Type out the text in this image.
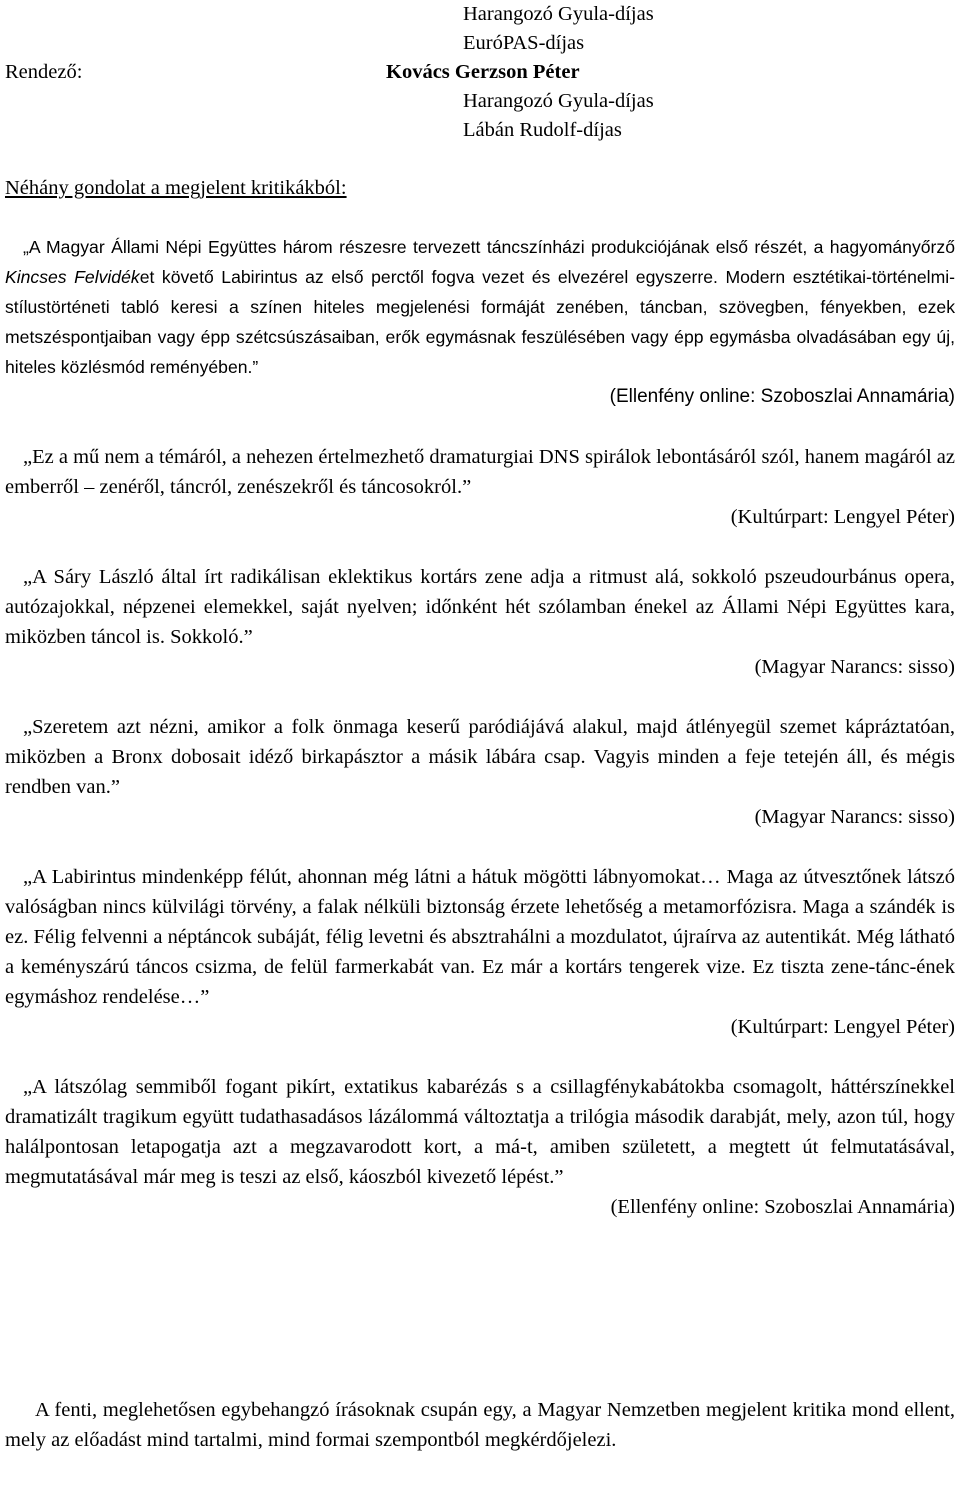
Rendező:
Harangozó Gyula-díjas
EuróPAS-díjas
Kovács Gerzson Péter
Harangozó Gyula-díjas
Lábán Rudolf-díjas
Néhány gondolat a megjelent kritikákból:

„A Magyar Állami Népi Együttes három részesre tervezett táncszínházi produkciójának első részét, a hagyományőrző Kincses Felvidéket követő Labirintus az első perctől fogva vezet és elvezérel egyszerre. Modern esztétikai-történelmi-stílustörténeti tabló keresi a színen hiteles megjelenési formáját zenében, táncban, szövegben, fényekben, ezek metszéspontjaiban vagy épp szétcsúszásaiban, erők egymásnak feszülésében vagy épp egymásba olvadásában egy új, hiteles közlésmód reményében.”

(Ellenfény online: Szoboszlai Annamária)

„Ez a mű nem a témáról, a nehezen értelmezhető dramaturgiai DNS spirálok lebontásáról szól, hanem magáról az emberről – zenéről, táncról, zenészekről és táncosokról.”

(Kultúrpart: Lengyel Péter)

„A Sáry László által írt radikálisan eklektikus kortárs zene adja a ritmust alá, sokkoló pszeudourbánus opera, autózajokkal, népzenei elemekkel, saját nyelven; időnként hét szólamban énekel az Állami Népi Együttes kara, miközben táncol is. Sokkoló.”

(Magyar Narancs: sisso)

„Szeretem azt nézni, amikor a folk önmaga keserű paródiájává alakul, majd átlényegül szemet kápráztatóan, miközben a Bronx dobosait idéző birkapásztor a másik lábára csap. Vagyis minden a feje tetején áll, és mégis rendben van.”

(Magyar Narancs: sisso)

„A Labirintus mindenképp félút, ahonnan még látni a hátuk mögötti lábnyomokat… Maga az útvesztőnek látszó valóságban nincs külvilági törvény, a falak nélküli biztonság érzete lehetőség a metamorfózisra. Maga a szándék is ez. Félig felvenni a néptáncok subáját, félig levetni és absztrahálni a mozdulatot, újraírva az autentikát. Még látható a keményszárú táncos csizma, de felül farmerkabát van. Ez már a kortárs tengerek vize. Ez tiszta zene-tánc-ének egymáshoz rendelése…”

(Kultúrpart: Lengyel Péter)

„A látszólag semmiből fogant pikírt, extatikus kabarézás s a csillagfénykabátokba csomagolt, háttérszínekkel dramatizált tragikum együtt tudathasadásos lázálommá változtatja a trilógia második darabját, mely, azon túl, hogy halálpontosan letapogatja azt a megzavarodott kort, a má-t, amiben született, a megtett út felmutatásával, megmutatásával már meg is teszi az első, káoszból kivezető lépést.”

(Ellenfény online: Szoboszlai Annamária)

A fenti, meglehetősen egybehangzó írásoknak csupán egy, a Magyar Nemzetben megjelent kritika mond ellent, mely az előadást mind tartalmi, mind formai szempontból megkérdőjelezi.
